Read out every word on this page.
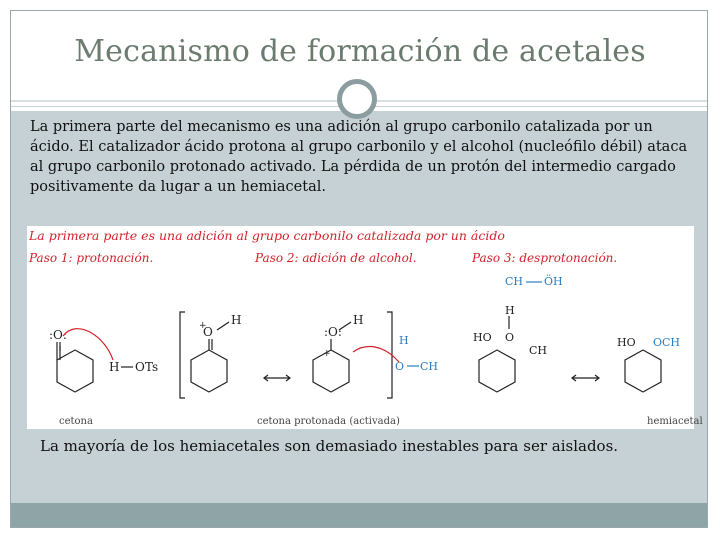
Mecanismo de formación de acetales
La primera parte del mecanismo es una adición al grupo carbonilo catalizada por un ácido. El catalizador ácido protona al grupo carbonilo y el alcohol (nucleófilo débil) ataca al grupo carbonilo protonado activado. La pérdida de un protón del intermedio cargado positivamente da lugar a un hemiacetal.
La primera parte es una adición al grupo carbonilo catalizada por un ácido
Paso 1: protonación.	Paso 2: adición de alcohol.	Paso 3: desprotonación.
:O:
cetona
H OTs
O
+ H
:O:
H
+
cetona protonada (activada)
H
O CH
CH ÖH
H
HO O
CH
HO OCH
hemiacetal
La mayoría de los hemiacetales son demasiado inestables para ser aislados.
